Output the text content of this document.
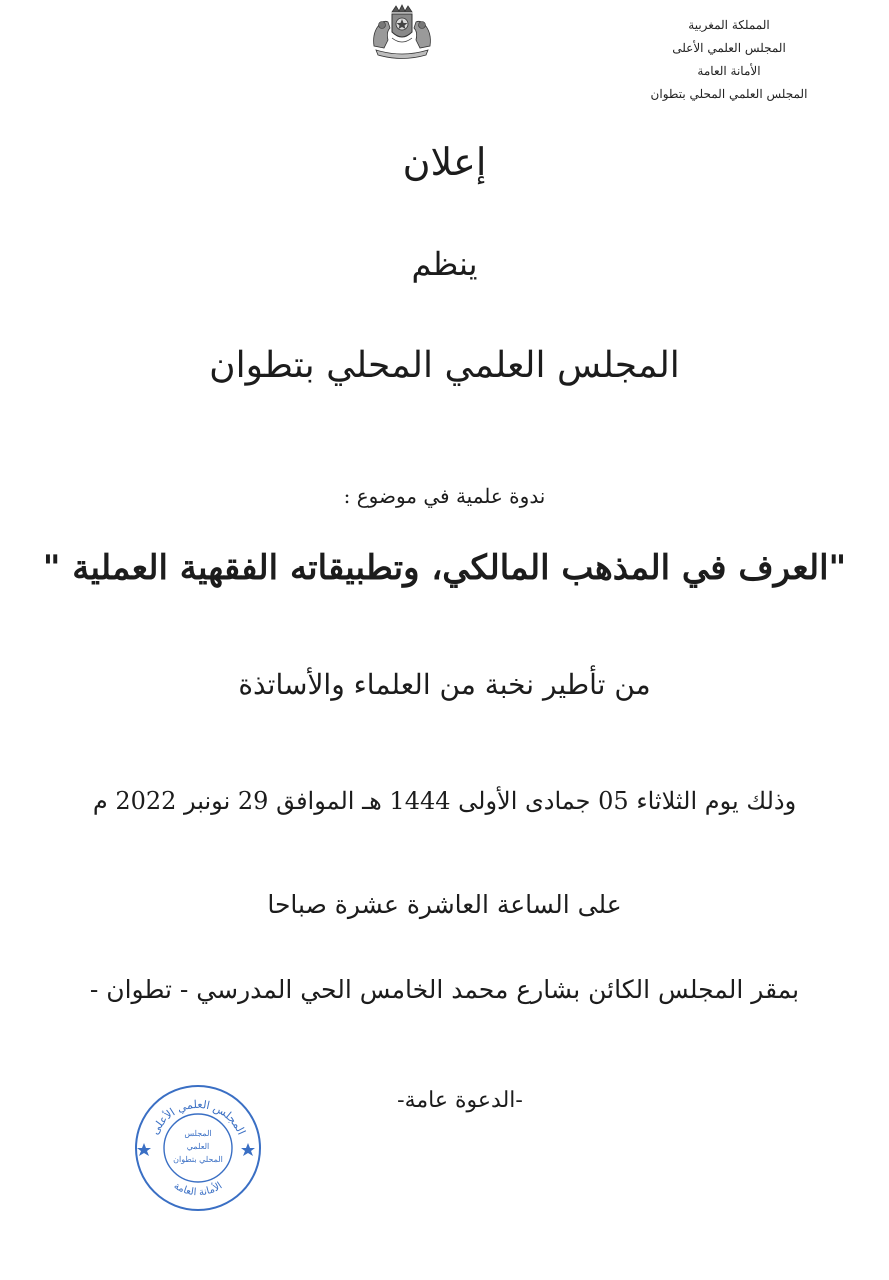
المملكة المغربية
المجلس العلمي الأعلى
الأمانة العامة
المجلس العلمي المحلي بتطوان
إعلان
ينظم
المجلس العلمي المحلي بتطوان
ندوة علمية في موضوع :
"العرف في المذهب المالكي، وتطبيقاته الفقهية العملية "
من تأطير نخبة من العلماء والأساتذة
وذلك يوم الثلاثاء 05 جمادى الأولى 1444 هـ الموافق 29 نونبر 2022 م
على الساعة العاشرة عشرة صباحا
بمقر المجلس الكائن بشارع محمد الخامس الحي المدرسي - تطوان -
-الدعوة عامة-
المجلس العلمي الأعلى
الأمانة العامة
المجلس
العلمي
المحلي بتطوان
